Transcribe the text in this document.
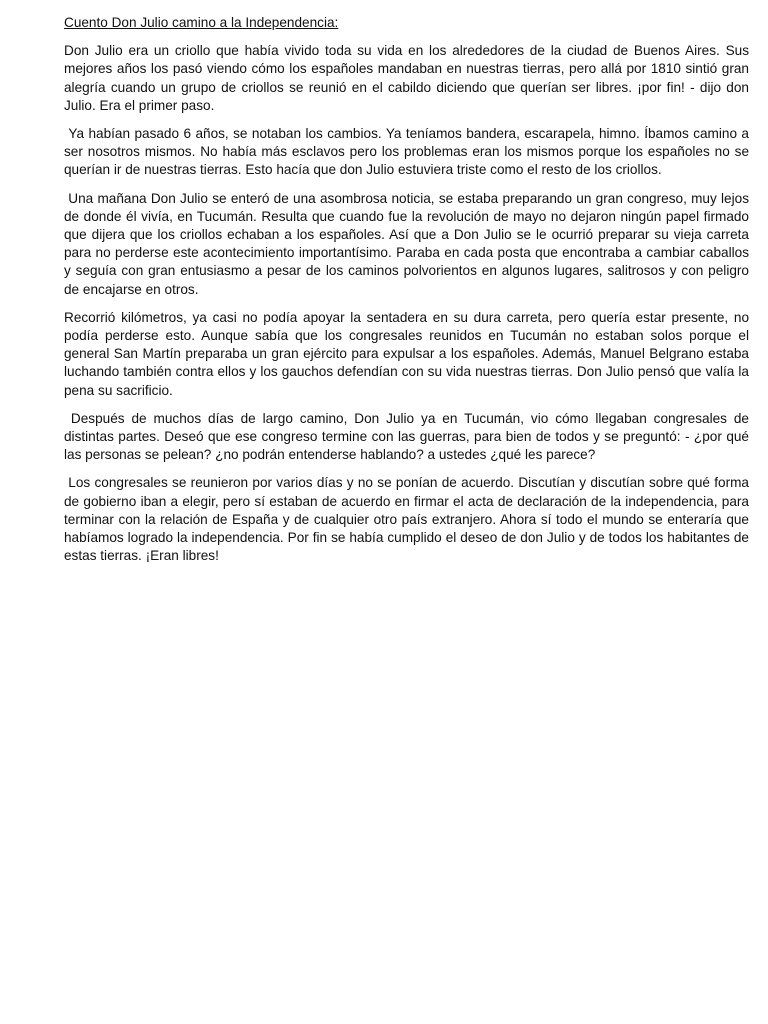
Cuento Don Julio camino a la Independencia:

Don Julio era un criollo que había vivido toda su vida en los alrededores de la ciudad de Buenos Aires. Sus mejores años los pasó viendo cómo los españoles mandaban en nuestras tierras, pero allá por 1810 sintió gran alegría cuando un grupo de criollos se reunió en el cabildo diciendo que querían ser libres. ¡por fin! - dijo don Julio. Era el primer paso.

Ya habían pasado 6 años, se notaban los cambios. Ya teníamos bandera, escarapela, himno. Íbamos camino a ser nosotros mismos. No había más esclavos pero los problemas eran los mismos porque los españoles no se querían ir de nuestras tierras. Esto hacía que don Julio estuviera triste como el resto de los criollos.

Una mañana Don Julio se enteró de una asombrosa noticia, se estaba preparando un gran congreso, muy lejos de donde él vivía, en Tucumán. Resulta que cuando fue la revolución de mayo no dejaron ningún papel firmado que dijera que los criollos echaban a los españoles. Así que a Don Julio se le ocurrió preparar su vieja carreta para no perderse este acontecimiento importantísimo. Paraba en cada posta que encontraba a cambiar caballos y seguía con gran entusiasmo a pesar de los caminos polvorientos en algunos lugares, salitrosos y con peligro de encajarse en otros.

Recorrió kilómetros, ya casi no podía apoyar la sentadera en su dura carreta, pero quería estar presente, no podía perderse esto. Aunque sabía que los congresales reunidos en Tucumán no estaban solos porque el general San Martín preparaba un gran ejército para expulsar a los españoles. Además, Manuel Belgrano estaba luchando también contra ellos y los gauchos defendían con su vida nuestras tierras. Don Julio pensó que valía la pena su sacrificio.

Después de muchos días de largo camino, Don Julio ya en Tucumán, vio cómo llegaban congresales de distintas partes. Deseó que ese congreso termine con las guerras, para bien de todos y se preguntó: - ¿por qué las personas se pelean? ¿no podrán entenderse hablando? a ustedes ¿qué les parece?

Los congresales se reunieron por varios días y no se ponían de acuerdo. Discutían y discutían sobre qué forma de gobierno iban a elegir, pero sí estaban de acuerdo en firmar el acta de declaración de la independencia, para terminar con la relación de España y de cualquier otro país extranjero. Ahora sí todo el mundo se enteraría que habíamos logrado la independencia. Por fin se había cumplido el deseo de don Julio y de todos los habitantes de estas tierras. ¡Eran libres!
